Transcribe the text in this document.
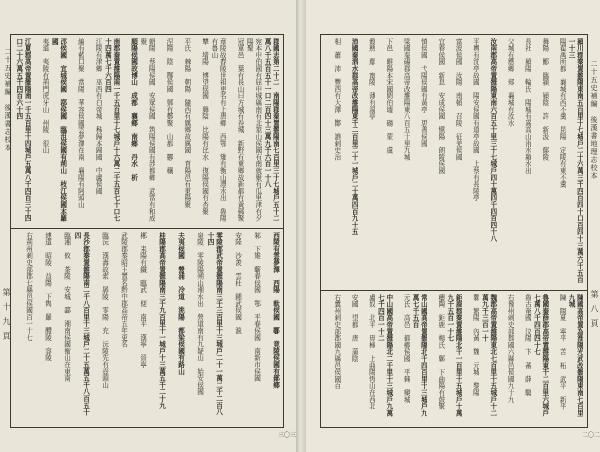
二十五史補編　後漢書志校本
第 十 九 頁
三〇三
郡國志第二十二　南陽郡秦置雒陽南七百里三十七城戶五十二萬八千五百五十一口二百四十三萬九千六百一十八
宛本申伯國有屈申城縣南有北筮山侯國有南就聚有瓜里津有夕陽聚
冠軍邑　葉有長山曰方城有卷城　新野有東鄉故新都有黃郵聚
章陵故舂陵世祖更名有上唐鄉　西鄂　雉有衡山澧水出　魯陽有魯山
犨　堵陽　博望侯國　舞陰　比陽有比水　復陽侯國有杏聚
平氏　棘陽　朝陽　隨西有厲鄉故厲國　育陽邑有東陽聚
涅陽　陰　酇侯國　鄧有鄾聚　山都　酈　穰
朝陽　蔡陽侯國　安眾侯國　筑陽侯國有涉都鄉　武當有和成聚
順陽侯國故博山　成都　襄鄉　南鄉　丹水　析
南郡秦置雒陽南一千五百里十七城戶十六萬二千五百七十口七十四萬七千六百四
江陵有津鄉　巫西有白帝城　秭歸本歸國　中盧侯國
編有藍口聚　當陽　華容侯國雲夢澤在南　襄陽有阿頭山
邔侯國　宜城侯國　鄀侯國　臨沮侯國有荊山　枝江侯國本羅國
夷道　夷陵有荊門虎牙山　州陵　很山
江夏郡高帝置雒陽南一千五百里十四城戶五萬八千四百三十四口二十六萬五千四百六十四
西陵有雲夢澤　西陽　軑侯國　鄳　竟陵侯國有鄖鄉
邾　下雉　蘄春侯國　鄂　平春侯國　南新市侯國
安陸　沙羨　雲杜　鍾武侯國　㴴
零陵郡武帝置雒陽南三千三百里十三城戶二十一萬二千二百八十四
泉陵　零陵陽朔山湘水出　營道南有九疑山　始安侯國
夫夷侯國　營浦　冷道　洮陽　都梁侯國有路山
桂陽郡高帝置雒陽南三千九百里十一城戶十三萬五千二十九
郴　耒陽有鐵　臨武　便　南平　漢寧　晉寧
武陵郡秦昭王置名黔中郡高帝五年更名
臨沅　漢壽故索　孱陵　零陽　充　沅陵先有壺頭山
長沙郡秦置雒陽南二千八百里十三城戶二十五萬五千八百五十四
臨湘　攸　茶陵　安城　酃　湘南侯國衡山在東南
連道　昭陵　益陽　下雋　羅　醴陵　容陵
右荊州刺史部郡七縣邑侯國百一十七
二十五史補編　後漢書地理志校本
第 八 頁
二〇二
潁川郡秦置雒陽東南五百里十七城戶二十六萬三千四百四十口百四十三萬六千五百一十三
陽翟禹所都　襄城有西不羹　昆陽　定陵有東不羹
舞陽　郾　臨潁　潁陰　許　新汲　鄢陵
長社　潁陽　輪氏　陽城有嵩高山洧水潁水出
父城有應鄉　郟　襄城有汝水
汝南郡高帝置雒陽東南六百五十里三十七城戶四十萬四千四百四十八
平輿有沈亭故國　陽安侯國有道亭故國　上蔡有長陵亭
富波侯國　汝陽　南頓　召陵　征羌侯國
宜春侯國　新息　安成侯國　愼陽　朗陵侯國
慎侯國　弋陽侯國有黃亭　思善侯國
梁國秦碭郡高帝改雒陽東八百五十里九城
下邑　睢陽本宋國閼伯墟　碭　蒙　虞
穀熟　鄢　甯陵　薄有湯亭
沛國秦泗水郡高帝改雒陽東千二百里二十一城戶二十萬四百九十五
相　蕭　沛　豐西有大澤　酇　譙刺史治
陳國高帝置為淮陽光武改雒陽東南七百里九城
陳　陽夏　寧平　苦　柘　武平　新平
魯國秦薛郡高帝置雒陽東千二百里六城戶七萬八千四百四十七
魯古奄國　汶陽　卞　蕃　薛　騶
右豫州刺史部郡國六縣邑侯國九十九
魏郡高帝置雒陽東北七百里十五城戶十二萬九千三百一十
鄴　繁陽　內黃　魏　元城　黎陽
鉅鹿郡秦置雒陽北千一百里十五城戶十萬九千五百一十七
癭陶　鉅鹿　楊氏　鄡　下曲陽有鼓聚
常山國高帝置雒陽北千四百里十三城戶九萬七千五百
元氏　高邑　都鄉侯國　平棘　欒城
中山國高帝置雒陽北二千里十三城戶九萬七千四百一十二
盧奴　北平　毋極　上曲陽恆山在西北
安國　望都　唐　蒲陰
右冀州刺史部郡國九縣邑侯國百
